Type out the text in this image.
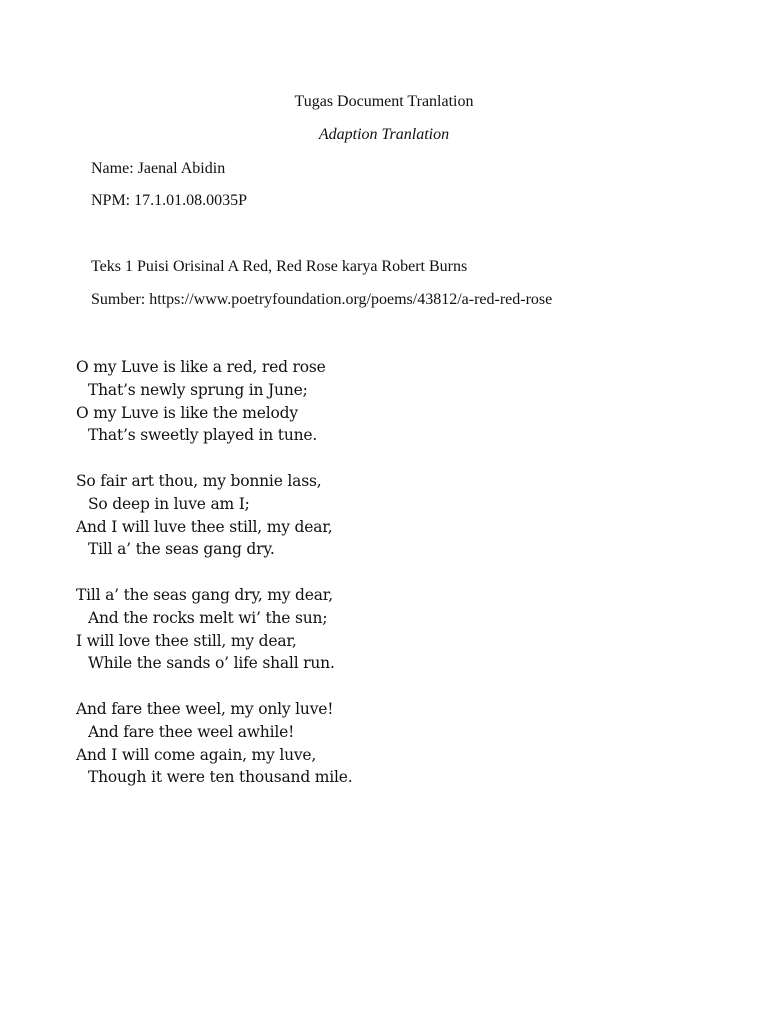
Tugas Document Tranlation

Adaption Tranlation

Name: Jaenal Abidin

NPM: 17.1.01.08.0035P

Teks 1 Puisi Orisinal A Red, Red Rose karya Robert Burns

Sumber: https://www.poetryfoundation.org/poems/43812/a-red-red-rose

O my Luve is like a red, red rose
That’s newly sprung in June;
O my Luve is like the melody
That’s sweetly played in tune.
So fair art thou, my bonnie lass,
So deep in luve am I;
And I will luve thee still, my dear,
Till a’ the seas gang dry.
Till a’ the seas gang dry, my dear,
And the rocks melt wi’ the sun;
I will love thee still, my dear,
While the sands o’ life shall run.
And fare thee weel, my only luve!
And fare thee weel awhile!
And I will come again, my luve,
Though it were ten thousand mile.
